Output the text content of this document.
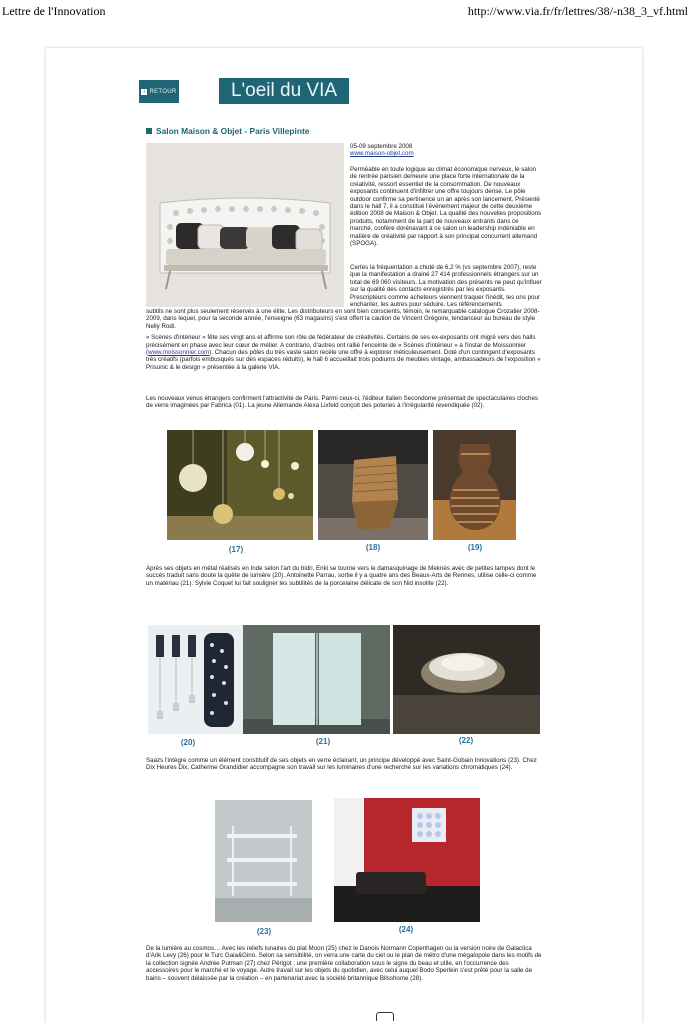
Lettre de l'Innovation	http://www.via.fr/fr/lettres/38/-n38_3_vf.html
‹ RETOUR	L'oeil du VIA
Salon Maison & Objet - Paris Villepinte
05-09 septembre 2008
www.maison-objet.com
Perméable en toute logique au climat économique nerveux, le salon de rentrée parisien demeure une place forte internationale de la créativité, ressort essentiel de la consommation. De nouveaux exposants continuent d'infiltrer une offre toujours dense. Le pôle outdoor confirme sa pertinence un an après son lancement. Présenté dans le hall 7, il a constitué l'événement majeur de cette deuxième édition 2008 de Maison & Objet. La qualité des nouvelles propositions produits, notamment de la part de nouveaux entrants dans ce marché, confère dorénavant à ce salon un leadership indéniable en matière de créativité par rapport à son principal concurrent allemand (SPOGA).
Certes la fréquentation a chuté de 6,2 % (vs septembre 2007), reste que la manifestation a drainé 27 414 professionnels étrangers sur un total de 69 060 visiteurs. La motivation des présents ne peut qu'influer sur la qualité des contacts enregistrés par les exposants. Prescripteurs comme acheteurs viennent traquer l'inédit, les uns pour enchanter, les autres pour séduire. Les référencements

subtils ne sont plus seulement réservés à une élite. Les distributeurs en sont bien conscients, témoin, le remarquable catalogue Crozatier 2008-2009, dans lequel, pour la seconde année, l'enseigne (63 magasins) s'est offert la caution de Vincent Grégoire, tendanceur au bureau de style Nelly Rodi.

« Scènes d'intérieur » fête ses vingt ans et affirme son rôle de fédérateur de créativités. Certains de ses ex-exposants ont migré vers des halls précisément en phase avec leur cœur de métier. A contrario, d'autres ont rallié l'enceinte de « Scènes d'intérieur » à l'instar de Moissonnier (www.moissonnier.com). Chacun des pôles du très vaste salon recèle une offre à explorer méticuleusement. Doté d'un contingent d'exposants très créatifs (parfois embusqués sur des espaces réduits), le hall 6 accueillait trois podiums de meubles vintage, ambassadeurs de l'exposition « Prisunic & le design » présentée à la galerie VIA.

Les nouveaux venus étrangers confirment l'attractivité de Paris. Parmi ceux-ci, l'éditeur italien Secondome présentait de spectaculaires cloches de verre imaginées par Fabrica (01). La jeune Allemande Alexa Lixfeld conçoit des poteries à l'irrégularité revendiquée (02).
(17)	(18)	(19)
Après ses objets en métal réalisés en Inde selon l'art du bidri, Enki se tourne vers le damasquinage de Meknès avec de petites lampes dont le succès traduit sans doute la quête de lumière (20). Antoinette Parrau, sortie il y a quatre ans des Beaux-Arts de Rennes, utilise celle-ci comme un matériau (21). Sylvie Coquet lui fait souligner les subtilités de la porcelaine délicate de son Nid insolite (22).
(20)	(21)	(22)
Saazs l'intègre comme un élément constitutif de ses objets en verre éclairant, un principe développé avec Saint-Gobain Innovations (23). Chez Dix Heures Dix, Catherine Grandidier accompagne son travail sur les luminaires d'une recherche sur les variations chromatiques (24).
(23)	(24)
De la lumière au cosmos… Avec les reliefs lunaires du plat Moon (25) chez le Danois Normann Copenhagen ou la version noire de Galactica d'Arik Levy (26) pour le Turc Gaia&Gino. Selon sa sensibilité, on verra une carte du ciel ou le plan de métro d'une mégalopole dans les motifs de la collection signée Andrée Putman (27) chez Périgot ; une première collaboration sous le signe du beau et utile, en l'occurrence des accessoires pour le marché et le voyage. Autre travail sur les objets du quotidien, avec celui auquel Bodo Sperlein s'est prêté pour la salle de bains – souvent délaissée par la création – en partenariat avec la société britannique Bilsshome (28).
